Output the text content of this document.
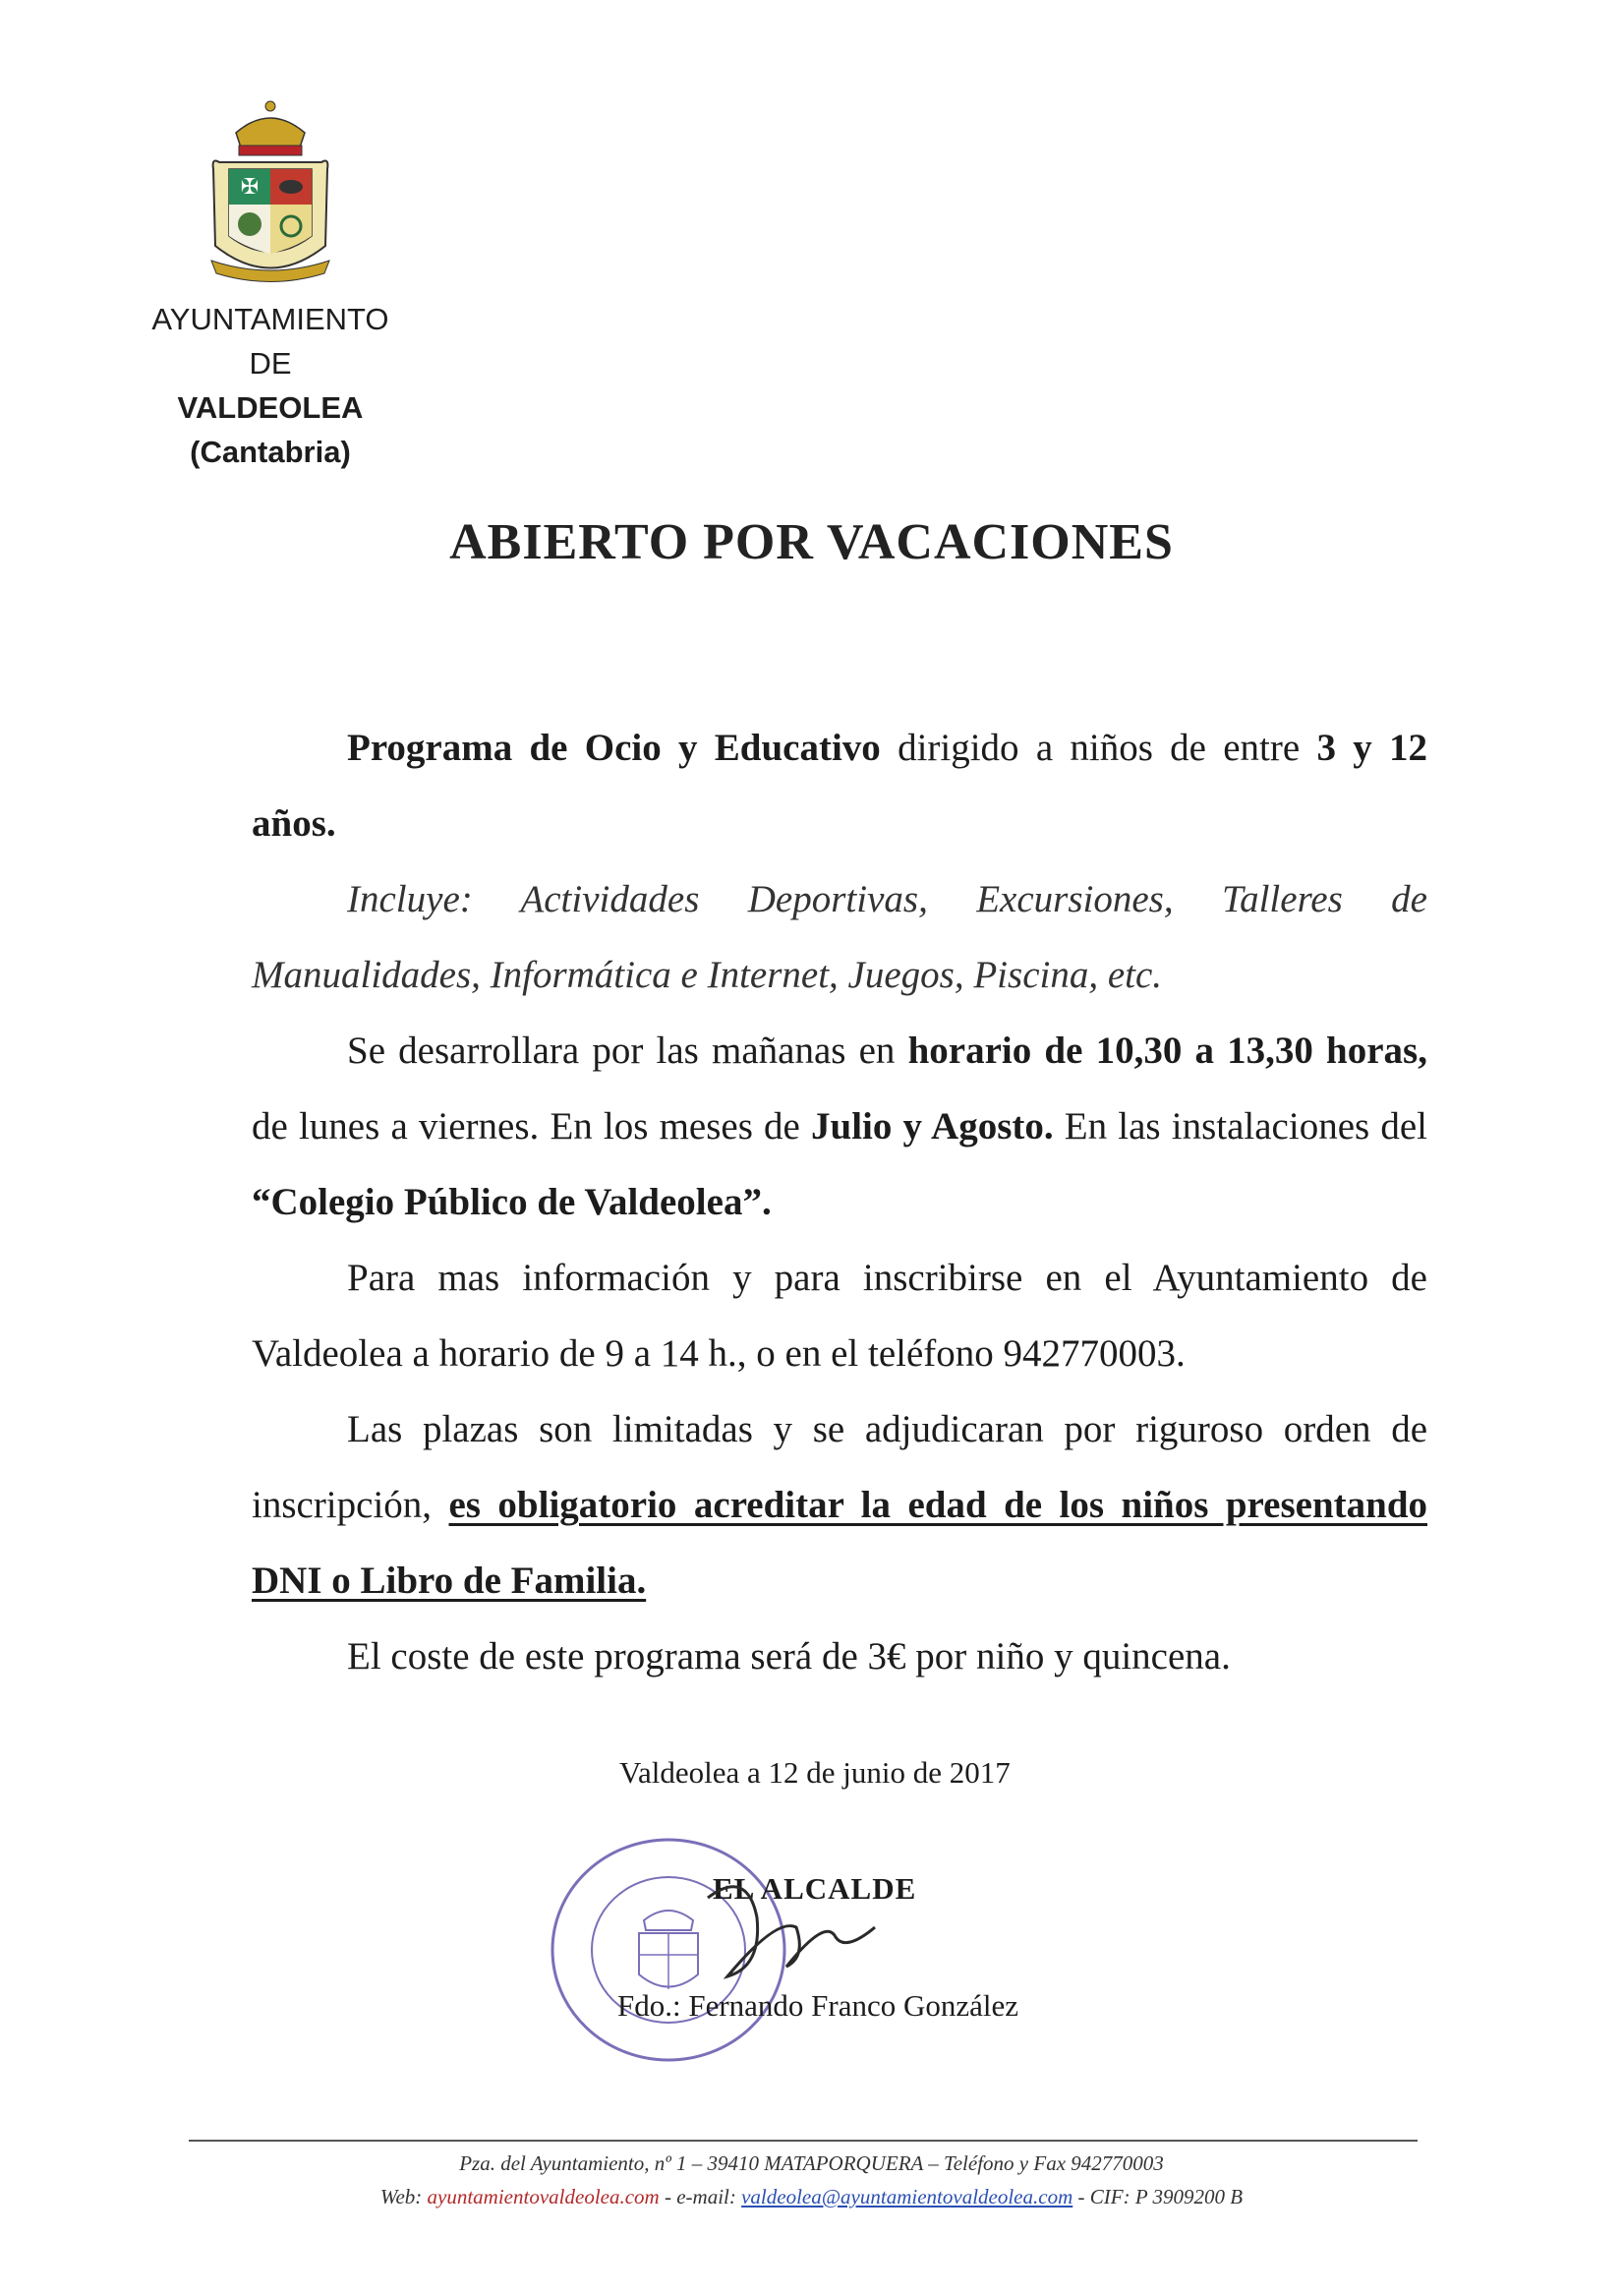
✠
AYUNTAMIENTO
DE
VALDEOLEA
(Cantabria)
ABIERTO POR VACACIONES

Programa de Ocio y Educativo dirigido a niños de entre 3 y 12 años.

Incluye: Actividades Deportivas, Excursiones, Talleres de Manualidades, Informática e Internet, Juegos, Piscina, etc.

Se desarrollara por las mañanas en horario de 10,30 a 13,30 horas, de lunes a viernes. En los meses de Julio y Agosto. En las instalaciones del “Colegio Público de Valdeolea”.

Para mas información y para inscribirse en el Ayuntamiento de Valdeolea a horario de 9 a 14 h., o en el teléfono 942770003.

Las plazas son limitadas y se adjudicaran por riguroso orden de inscripción, es obligatorio acreditar la edad de los niños presentando DNI o Libro de Familia.

El coste de este programa será de 3€ por niño y quincena.

Valdeolea a 12 de junio de 2017
EL ALCALDE
Fdo.: Fernando Franco González
Pza. del Ayuntamiento, nº 1 – 39410 MATAPORQUERA – Teléfono y Fax 942770003
Web: ayuntamientovaldeolea.com - e-mail: valdeolea@ayuntamientovaldeolea.com - CIF: P 3909200 B
